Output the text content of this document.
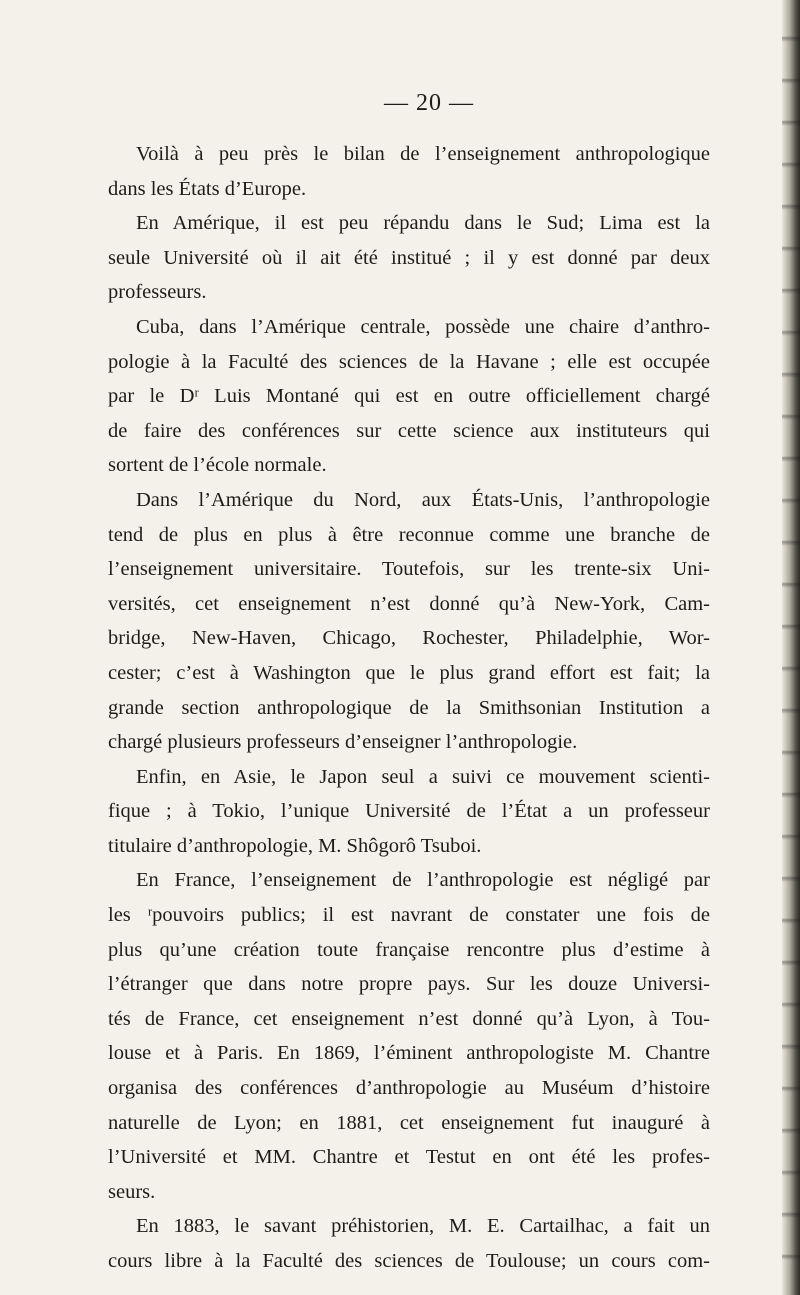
— 20 —
Voilà à peu près le bilan de l’enseignement anthropologique
dans les États d’Europe.
En Amérique, il est peu répandu dans le Sud; Lima est la
seule Université où il ait été institué ; il y est donné par deux
professeurs.
Cuba, dans l’Amérique centrale, possède une chaire d’anthro-
pologie à la Faculté des sciences de la Havane ; elle est occupée
par le Dʳ Luis Montané qui est en outre officiellement chargé
de faire des conférences sur cette science aux instituteurs qui
sortent de l’école normale.
Dans l’Amérique du Nord, aux États-Unis, l’anthropologie
tend de plus en plus à être reconnue comme une branche de
l’enseignement universitaire. Toutefois, sur les trente-six Uni-
versités, cet enseignement n’est donné qu’à New-York, Cam-
bridge, New-Haven, Chicago, Rochester, Philadelphie, Wor-
cester; c’est à Washington que le plus grand effort est fait; la
grande section anthropologique de la Smithsonian Institution a
chargé plusieurs professeurs d’enseigner l’anthropologie.
Enfin, en Asie, le Japon seul a suivi ce mouvement scienti-
fique ; à Tokio, l’unique Université de l’État a un professeur
titulaire d’anthropologie, M. Shôgorô Tsuboi.
En France, l’enseignement de l’anthropologie est négligé par
les ʳpouvoirs publics; il est navrant de constater une fois de
plus qu’une création toute française rencontre plus d’estime à
l’étranger que dans notre propre pays. Sur les douze Universi-
tés de France, cet enseignement n’est donné qu’à Lyon, à Tou-
louse et à Paris. En 1869, l’éminent anthropologiste M. Chantre
organisa des conférences d’anthropologie au Muséum d’histoire
naturelle de Lyon; en 1881, cet enseignement fut inauguré à
l’Université et MM. Chantre et Testut en ont été les profes-
seurs.
En 1883, le savant préhistorien, M. E. Cartailhac, a fait un
cours libre à la Faculté des sciences de Toulouse; un cours com-
